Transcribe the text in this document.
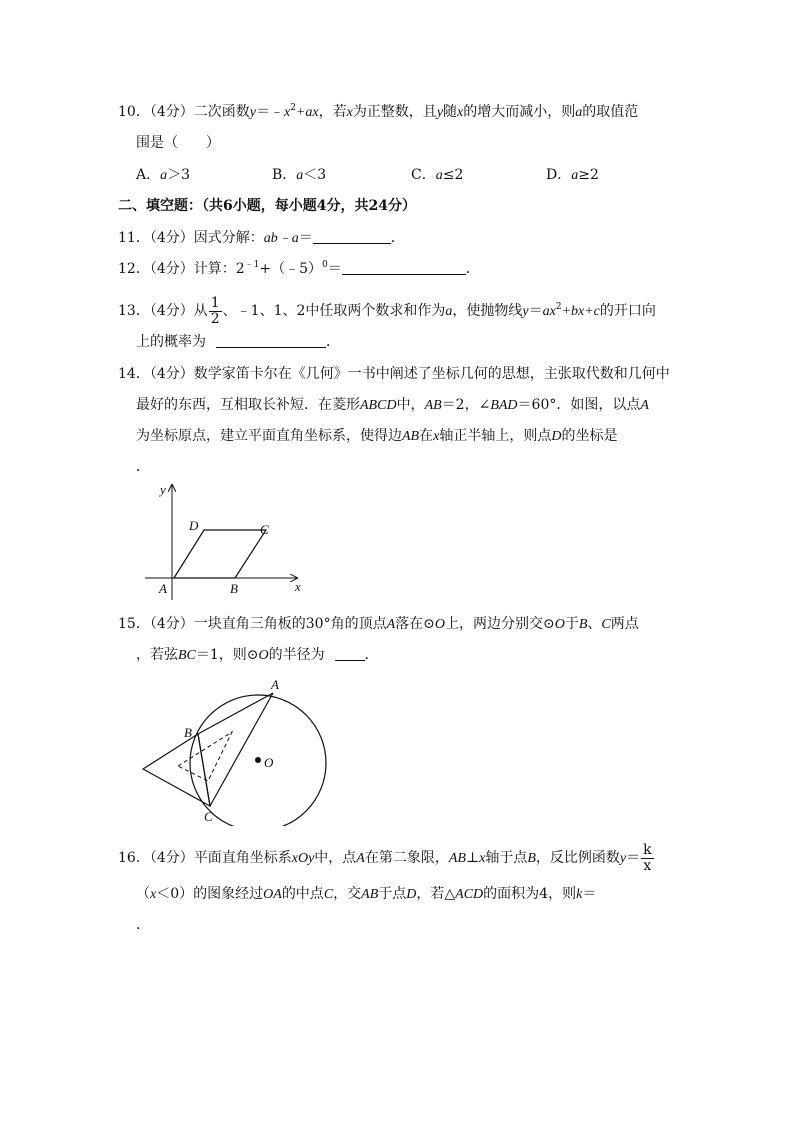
10．（4分）二次函数$y=﹣x^2+ax$，若x为正整数，且y随x的增大而减小，则a的取值范
围是（　　）
A．a＞3	B．a＜3	C．a≤2	D．a≥2
二、填空题：（共6小题，每小题4分，共24分）
11．（4分）因式分解：ab﹣a＝	．
12．（4分）计算：$2^{﹣1}+(﹣5)^0=$	．
13．（4分）从 $\frac{1}{2}$ 、﹣1、1、2中任取两个数求和作为a，使抛物线$y=ax^2+bx+c$的开口向
上的概率为	．
14．（4分）数学家笛卡尔在《几何》一书中阐述了坐标几何的思想，主张取代数和几何中
最好的东西，互相取长补短．在菱形ABCD中，AB＝2，∠BAD＝60°．如图，以点A
为坐标原点，建立平面直角坐标系，使得边AB在x轴正半轴上，则点D的坐标是
．
y
x
A	B
C
D
15．（4分）一块直角三角板的30°角的顶点A落在⊙O上，两边分别交⊙O于B、C两点
，若弦BC＝1，则⊙O的半径为	．
O
A
B
C
16．（4分）平面直角坐标系xOy中，点A在第二象限，AB⊥x轴于点B，反比例函数$y= \frac{k}{x}$
（x＜0）的图象经过OA的中点C，交AB于点D，若△ACD的面积为4，则k＝
．
